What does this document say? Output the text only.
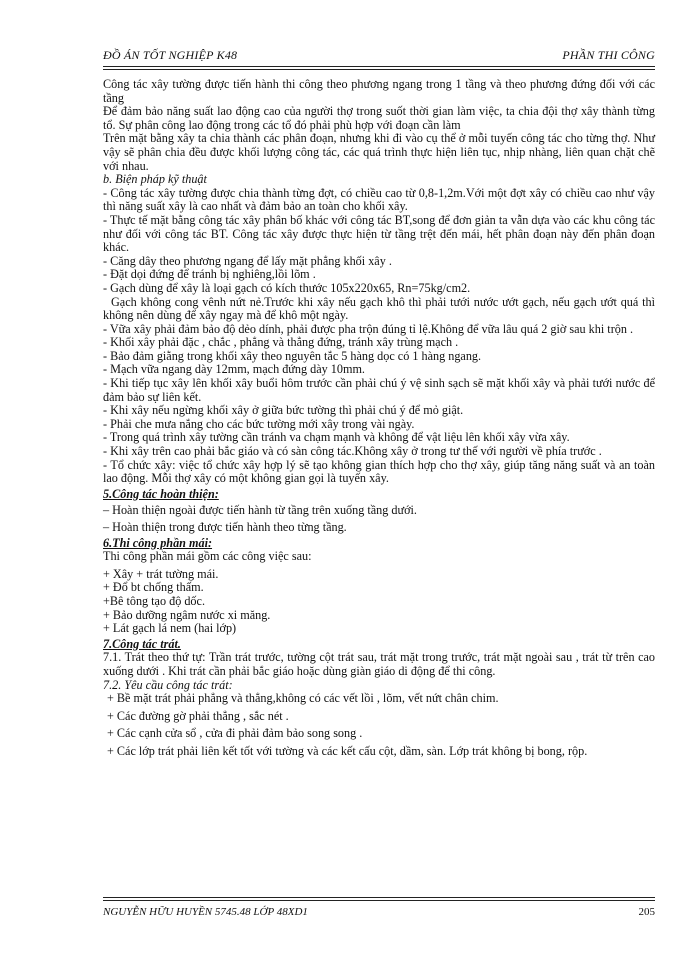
ĐỒ ÁN TỐT NGHIỆP K48	PHẦN THI CÔNG

Công tác xây tường được tiến hành thi công theo phương ngang trong 1 tầng và theo phương đứng đối với các tầng

Để đảm bảo năng suất lao động cao của người thợ trong suốt thời gian làm việc, ta chia đội thợ xây thành từng tổ. Sự phân công lao động trong các tổ đó phải phù hợp với đoạn cần làm

Trên mặt bằng xây ta chia thành các phân đoạn, nhưng khi đi vào cụ thể ở mỗi tuyến công tác cho từng thợ. Như vậy sẽ phân chia đều được khối lượng công tác, các quá trình thực hiện liên tục, nhịp nhàng, liên quan chặt chẽ với nhau.

b. Biện pháp kỹ thuật

- Công tác xây tường được chia thành từng đợt, có chiều cao từ 0,8-1,2m.Với một đợt xây có chiều cao như vậy thì năng suất xây là cao nhất và đảm bảo an toàn cho khối xây.

- Thực tế mặt bằng công tác xây phân bố khác với công tác BT,song để đơn giản ta vẫn dựa vào các khu công tác như đối với công tác BT. Công tác xây được thực hiện từ tầng trệt đến mái, hết phân đoạn này đến phân đoạn khác.

- Căng dây theo phương ngang để lấy mặt phẳng khối xây .

- Đặt dọi đứng để tránh bị nghiêng,lồi lõm .

- Gạch dùng để xây là loại gạch có kích thước 105x220x65, Rn=75kg/cm2.

Gạch không cong vênh nứt nẻ.Trước khi xây nếu gạch khô thì phải tưới nước ướt gạch, nếu gạch ướt quá thì không nên dùng để xây ngay mà để khô một ngày.

- Vữa xây phải đảm bảo độ dẻo dính, phải được pha trộn đúng tỉ lệ.Không để vữa lâu quá 2 giờ sau khi trộn .

- Khối xây phải đặc , chắc , phẳng và thẳng đứng, tránh xây trùng mạch .

- Bảo đảm giằng trong khối xây theo nguyên tắc 5 hàng dọc có 1 hàng ngang.

- Mạch vữa ngang dày 12mm, mạch đứng dày 10mm.

- Khi tiếp tục xây lên khối xây buổi hôm trước cần phải chú ý vệ sinh sạch sẽ mặt khối xây và phải tưới nước để đảm bảo sự liên kết.

- Khi xây nếu ngừng khối xây ở giữa bức tường thì phải chú ý để mỏ giật.

- Phải che mưa nắng cho các bức tường mới xây trong vài ngày.

- Trong quá trình xây tường cần tránh va chạm mạnh và không để vật liệu lên khối xây vừa xây.

- Khi xây trên cao phải bắc giáo và có sàn công tác.Không xây ở trong tư thế với người về phía trước .

- Tổ chức xây: việc tổ chức xây hợp lý sẽ tạo không gian thích hợp cho thợ xây, giúp tăng năng suất và an toàn lao động. Mỗi thợ xây có một không gian gọi là tuyến xây.

5.Công tác hoàn thiện:

‒ Hoàn thiện ngoài được tiến hành từ tầng trên xuống tầng dưới.

‒ Hoàn thiện trong được tiến hành theo từng tầng.

6.Thi công phần mái:

Thi công phần mái gồm các công việc sau:

+ Xây + trát tường mái.

+ Đổ bt chống thấm.

+Bê tông tạo độ dốc.

+ Bảo dưỡng ngâm nước xi măng.

+ Lát gạch lá nem (hai lớp)

7.Công tác trát.

7.1. Trát theo thứ tự: Trần trát trước, tường cột trát sau, trát mặt trong trước, trát mặt ngoài sau , trát từ trên cao xuống dưới . Khi trát cần phải bắc giáo hoặc dùng giàn giáo di động để thi công.

7.2. Yêu cầu công tác trát:

+ Bề mặt trát phải phẳng và thẳng,không có các vết lồi , lõm, vết nứt chân chim.

+ Các đường gờ phải thẳng , sắc nét .

+ Các cạnh cửa sổ , cửa đi phải đảm bảo song song .

+ Các lớp trát phải liên kết tốt với tường và các kết cấu cột, dầm, sàn. Lớp trát không bị bong, rộp.

NGUYỄN HỮU HUYỀN 5745.48 LỚP 48XD1	205
